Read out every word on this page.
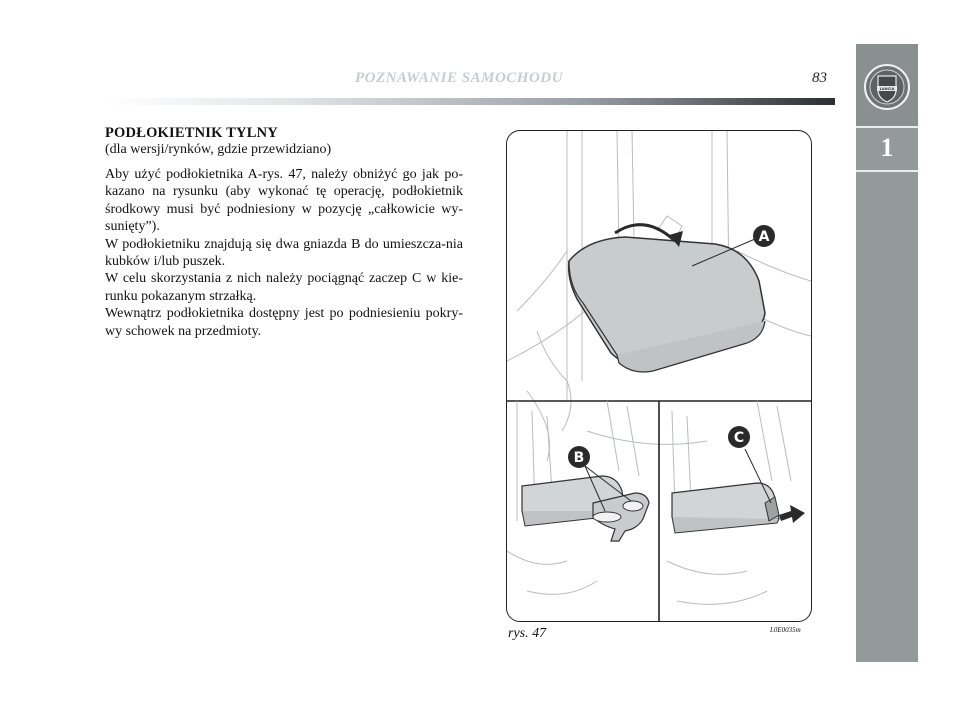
POZNAWANIE SAMOCHODU	83
1
LANCIA
PODŁOKIETNIK TYLNY
(dla wersji/rynków, gdzie przewidziano)

Aby użyć podłokietnika A-rys. 47, należy obniżyć go jak po-kazano na rysunku (aby wykonać tę operację, podłokietnik środkowy musi być podniesiony w pozycję „całkowicie wy-sunięty”).

W podłokietniku znajdują się dwa gniazda B do umieszcza-nia kubków i/lub puszek.

W celu skorzystania z nich należy pociągnąć zaczep C w kie-runku pokazanym strzałką.

Wewnątrz podłokietnika dostępny jest po podniesieniu pokry-wy schowek na przedmioty.

A
B
C
rys. 47	L0E0035m
